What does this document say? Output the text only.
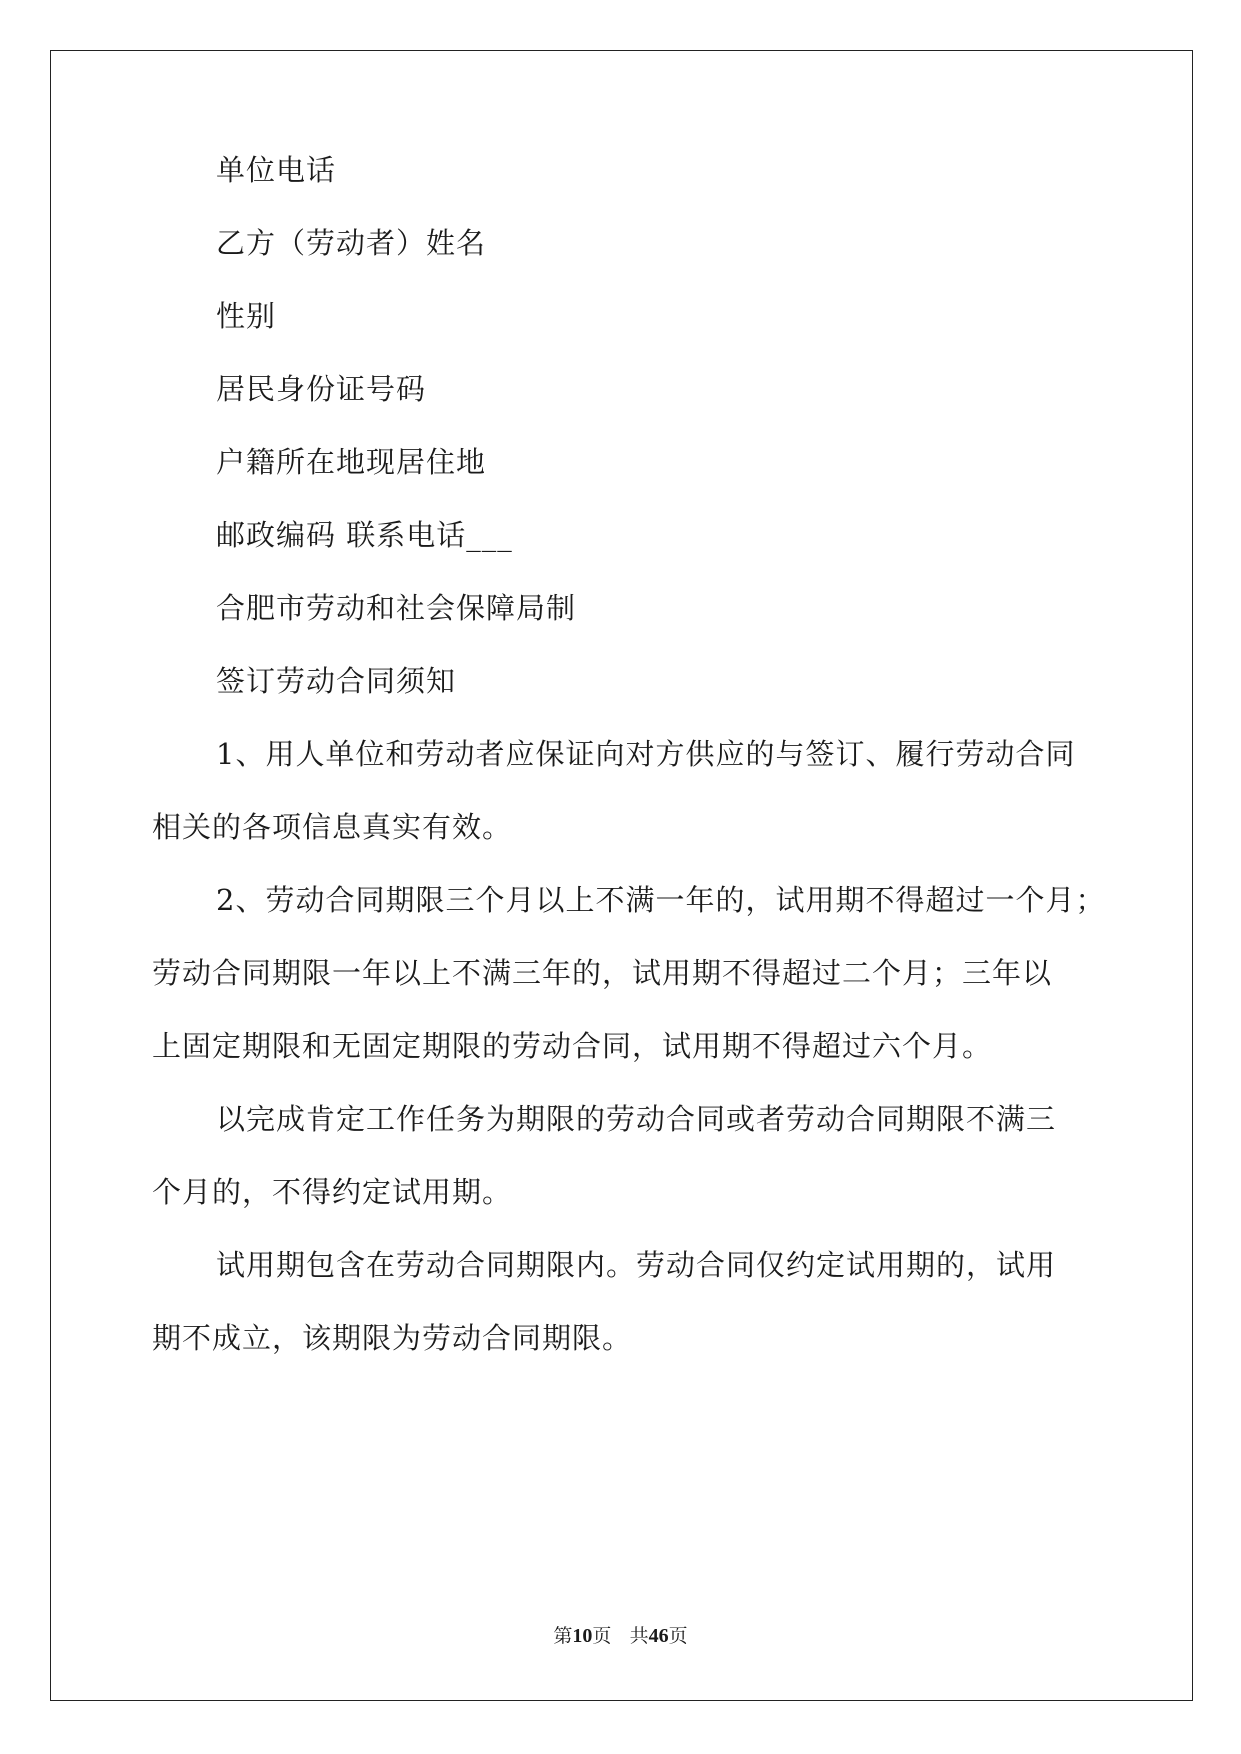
单位电话
乙方（劳动者）姓名
性别
居民身份证号码
户籍所在地现居住地
邮政编码 联系电话___
合肥市劳动和社会保障局制
签订劳动合同须知
1、用人单位和劳动者应保证向对方供应的与签订、履行劳动合同
相关的各项信息真实有效。
2、劳动合同期限三个月以上不满一年的，试用期不得超过一个月；
劳动合同期限一年以上不满三年的，试用期不得超过二个月；三年以
上固定期限和无固定期限的劳动合同，试用期不得超过六个月。
以完成肯定工作任务为期限的劳动合同或者劳动合同期限不满三
个月的，不得约定试用期。
试用期包含在劳动合同期限内。劳动合同仅约定试用期的，试用
期不成立，该期限为劳动合同期限。
第10页 共46页
